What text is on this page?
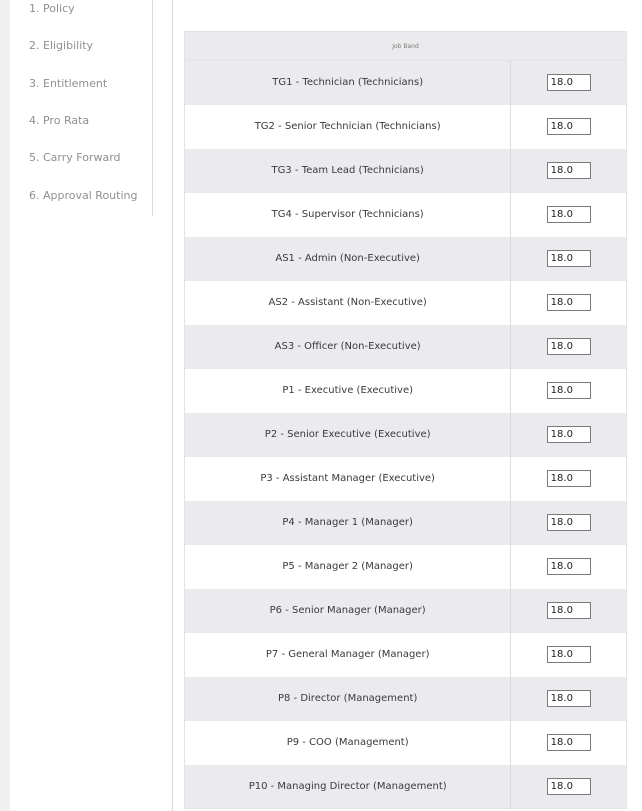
1. Policy
2. Eligibility
3. Entitlement
4. Pro Rata
5. Carry Forward
6. Approval Routing
Job Band	
TG1 - Technician (Technicians)	18.0
TG2 - Senior Technician (Technicians)	18.0
TG3 - Team Lead (Technicians)	18.0
TG4 - Supervisor (Technicians)	18.0
AS1 - Admin (Non-Executive)	18.0
AS2 - Assistant (Non-Executive)	18.0
AS3 - Officer (Non-Executive)	18.0
P1 - Executive (Executive)	18.0
P2 - Senior Executive (Executive)	18.0
P3 - Assistant Manager (Executive)	18.0
P4 - Manager 1 (Manager)	18.0
P5 - Manager 2 (Manager)	18.0
P6 - Senior Manager (Manager)	18.0
P7 - General Manager (Manager)	18.0
P8 - Director (Management)	18.0
P9 - COO (Management)	18.0
P10 - Managing Director (Management)	18.0
